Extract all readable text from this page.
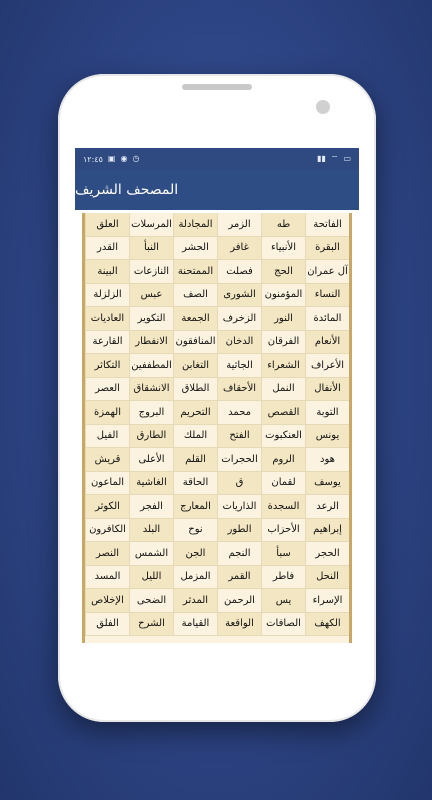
١٢:٤٥ ▣ ◉ ◷	▮▮ ⌔ ▭
المصحف الشريف
الفاتحة
طه
الزمر
المجادلة
المرسلات
العلق
البقرة
الأنبياء
غافر
الحشر
النبأ
القدر
آل عمران
الحج
فصلت
الممتحنة
النازعات
البينة
النساء
المؤمنون
الشورى
الصف
عبس
الزلزلة
المائدة
النور
الزخرف
الجمعة
التكوير
العاديات
الأنعام
الفرقان
الدخان
المنافقون
الانفطار
القارعة
الأعراف
الشعراء
الجاثية
التغابن
المطففين
التكاثر
الأنفال
النمل
الأحقاف
الطلاق
الانشقاق
العصر
التوبة
القصص
محمد
التحريم
البروج
الهمزة
يونس
العنكبوت
الفتح
الملك
الطارق
الفيل
هود
الروم
الحجرات
القلم
الأعلى
قريش
يوسف
لقمان
ق
الحاقة
الغاشية
الماعون
الرعد
السجدة
الذاريات
المعارج
الفجر
الكوثر
إبراهيم
الأحزاب
الطور
نوح
البلد
الكافرون
الحجر
سبأ
النجم
الجن
الشمس
النصر
النحل
فاطر
القمر
المزمل
الليل
المسد
الإسراء
يس
الرحمن
المدثر
الضحى
الإخلاص
الكهف
الصافات
الواقعة
القيامة
الشرح
الفلق
